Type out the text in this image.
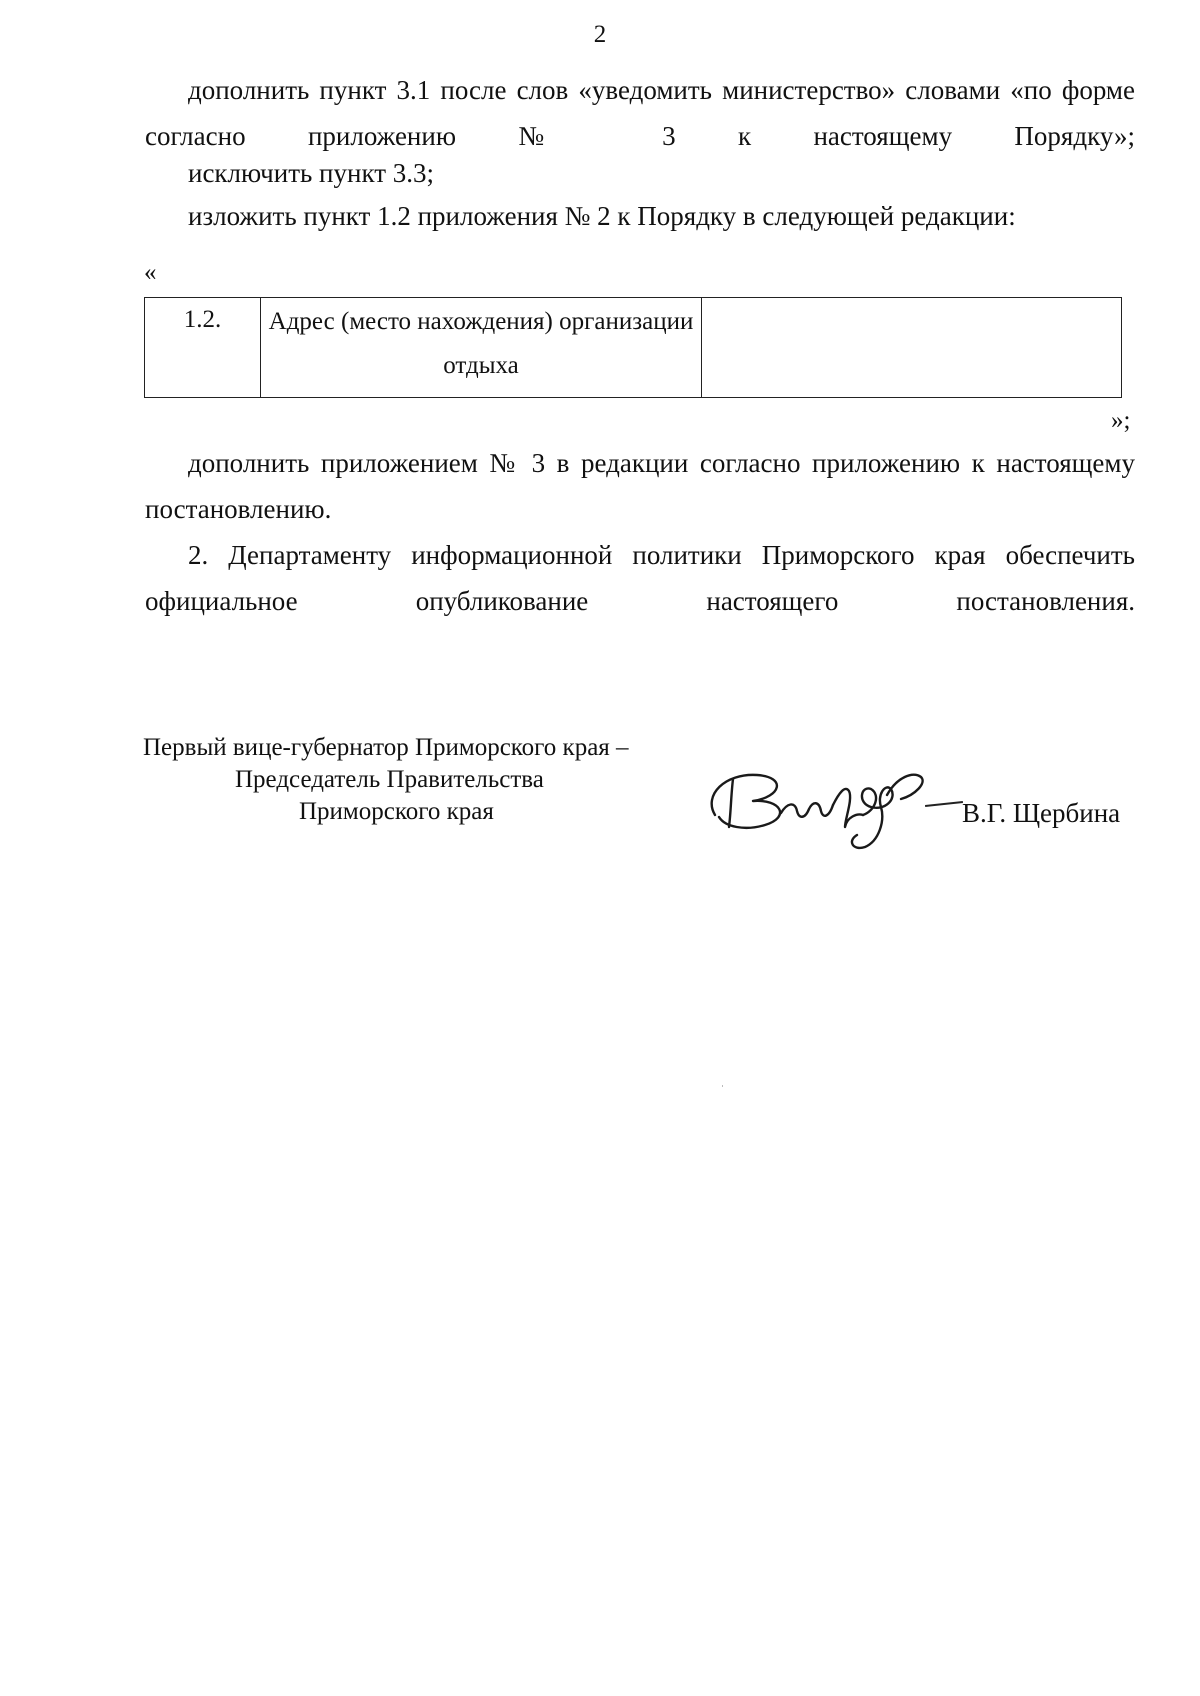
2

дополнить пункт 3.1 после слов «уведомить министерство» словами «по форме согласно приложению № 3 к настоящему Порядку»;

исключить пункт 3.3;

изложить пункт 1.2 приложения № 2 к Порядку в следующей редакции:

«
1.2.	Адрес (место нахождения) организации отдыха	
»;

дополнить приложением № 3 в редакции согласно приложению к настоящему постановлению.

2. Департаменту информационной политики Приморского края обеспечить официальное опубликование настоящего постановления.

Первый вице-губернатор Приморского края –
Председатель Правительства
Приморского края	В.Г. Щербина
